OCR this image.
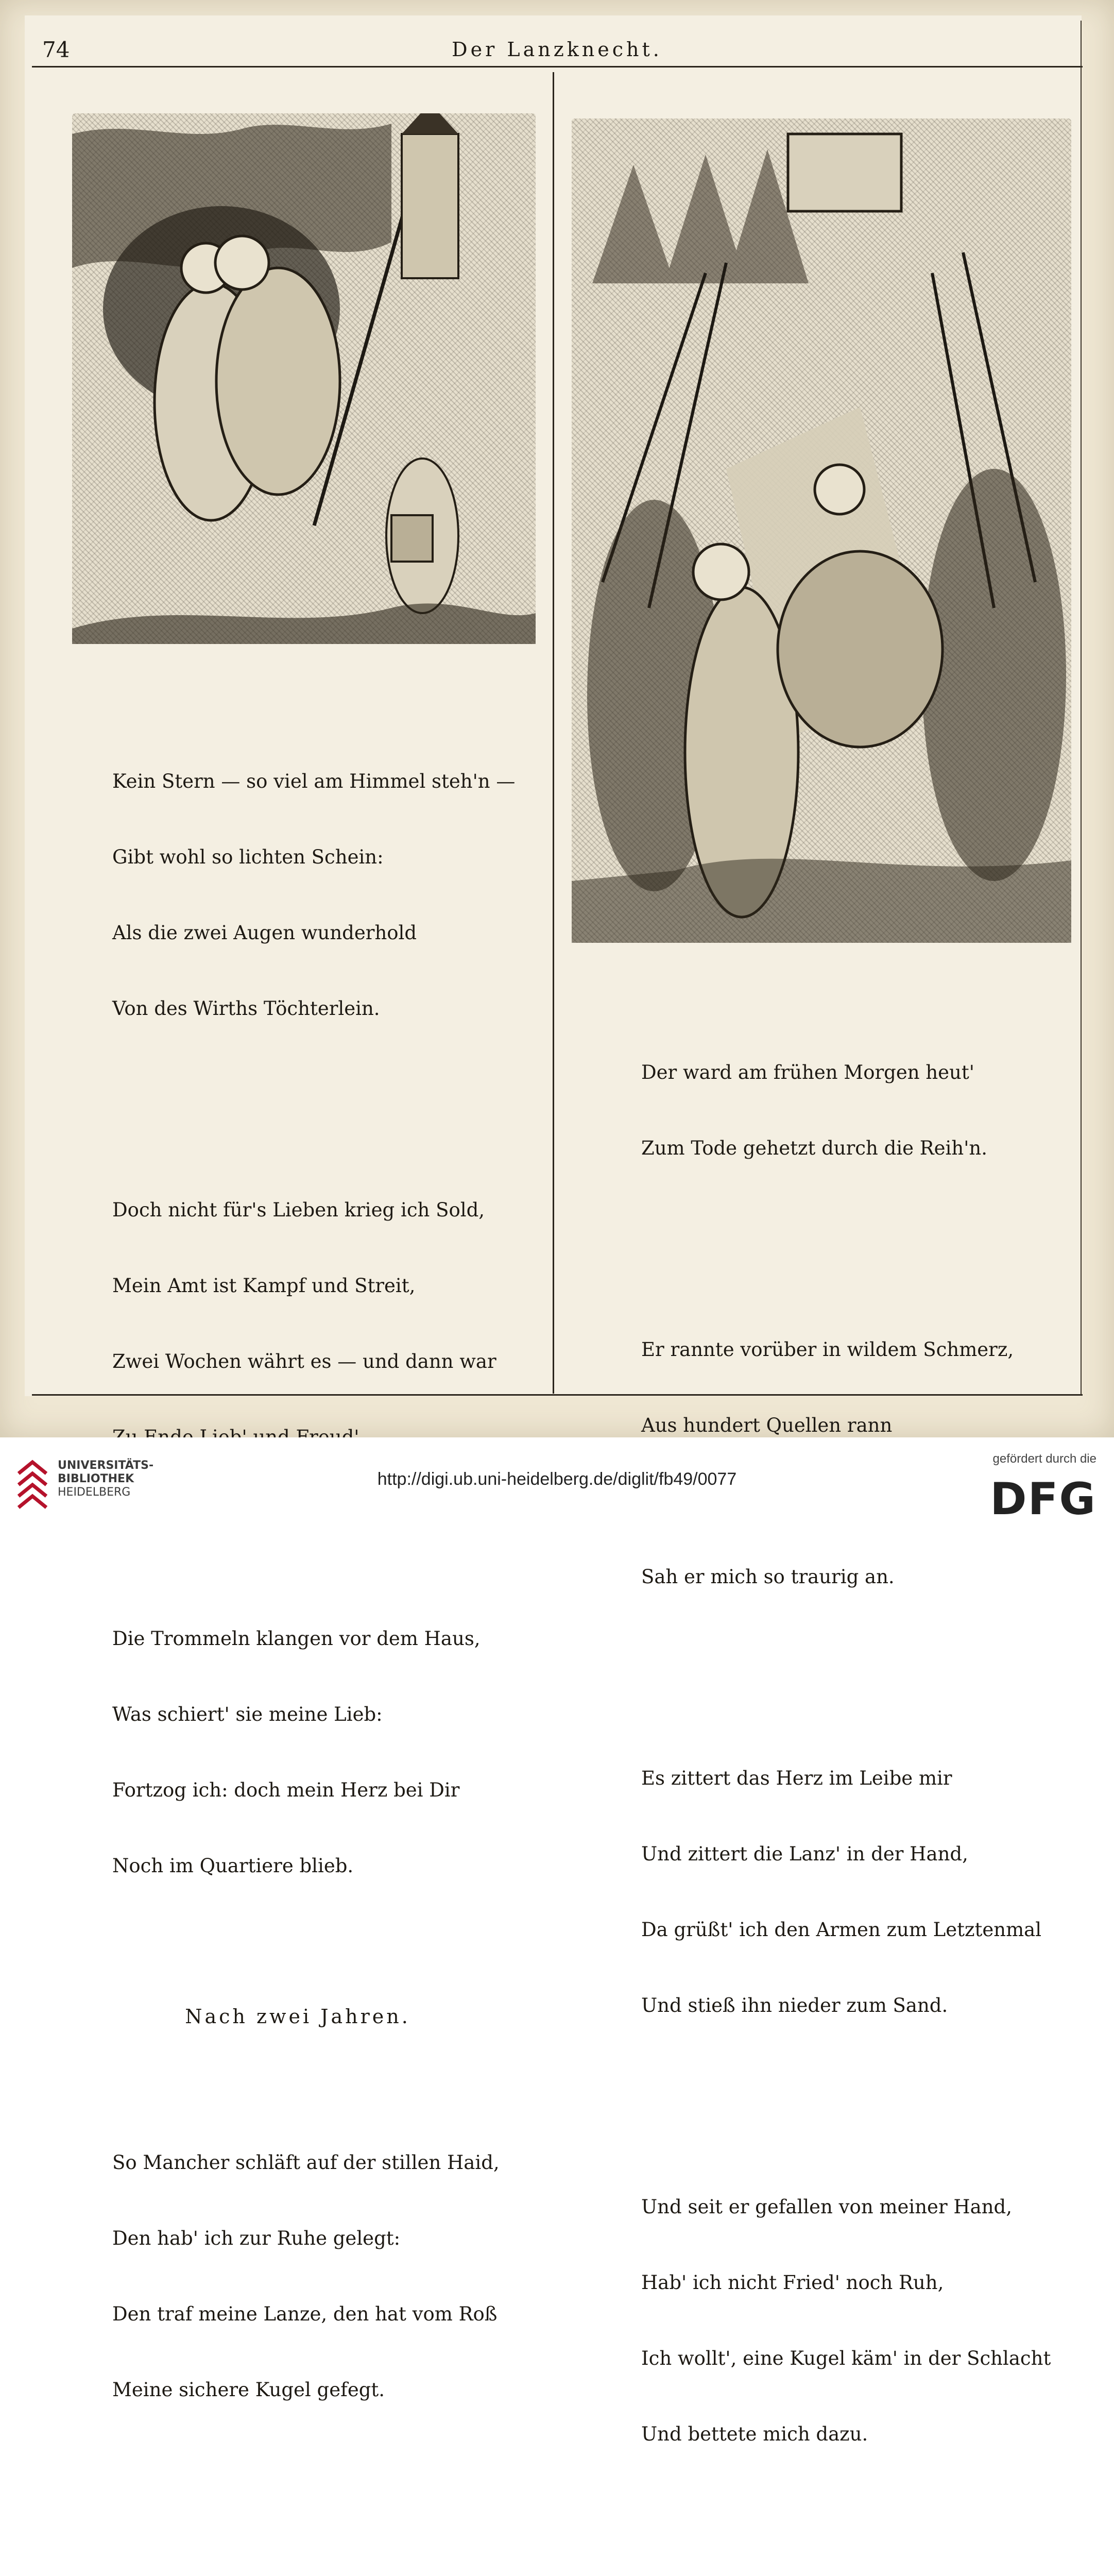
74	Der Lanzknecht.

Kein Stern — so viel am Himmel steh'n —

Gibt wohl so lichten Schein:

Als die zwei Augen wunderhold

Von des Wirths Töchterlein.

Doch nicht für's Lieben krieg ich Sold,

Mein Amt ist Kampf und Streit,

Zwei Wochen währt es — und dann war

Die Trommeln klangen vor dem Haus,

Was schiert' sie meine Lieb:

Fortzog ich: doch mein Herz bei Dir

Noch im Quartiere blieb.

Nach zwei Jahren.

So Mancher schläft auf der stillen Haid,

Den hab' ich zur Ruhe gelegt:

Den traf meine Lanze, den hat vom Roß

Meine sichere Kugel gefegt.

Der ward am frühen Morgen heut'

Zum Tode gehetzt durch die Reih'n.

Er rannte vorüber in wildem Schmerz,

Aus hundert Quellen rann

Sah er mich so traurig an.

Es zittert das Herz im Leibe mir

Und zittert die Lanz' in der Hand,

Da grüßt' ich den Armen zum Letztenmal

Und stieß ihn nieder zum Sand.

Und seit er gefallen von meiner Hand,

Hab' ich nicht Fried' noch Ruh,

Ich wollt', eine Kugel käm' in der Schlacht

Und bettete mich dazu.

UNIVERSITÄTS-
BIBLIOTHEK
HEIDELBERG
http://digi.ub.uni-heidelberg.de/diglit/fb49/0077
gefördert durch die
DFG
